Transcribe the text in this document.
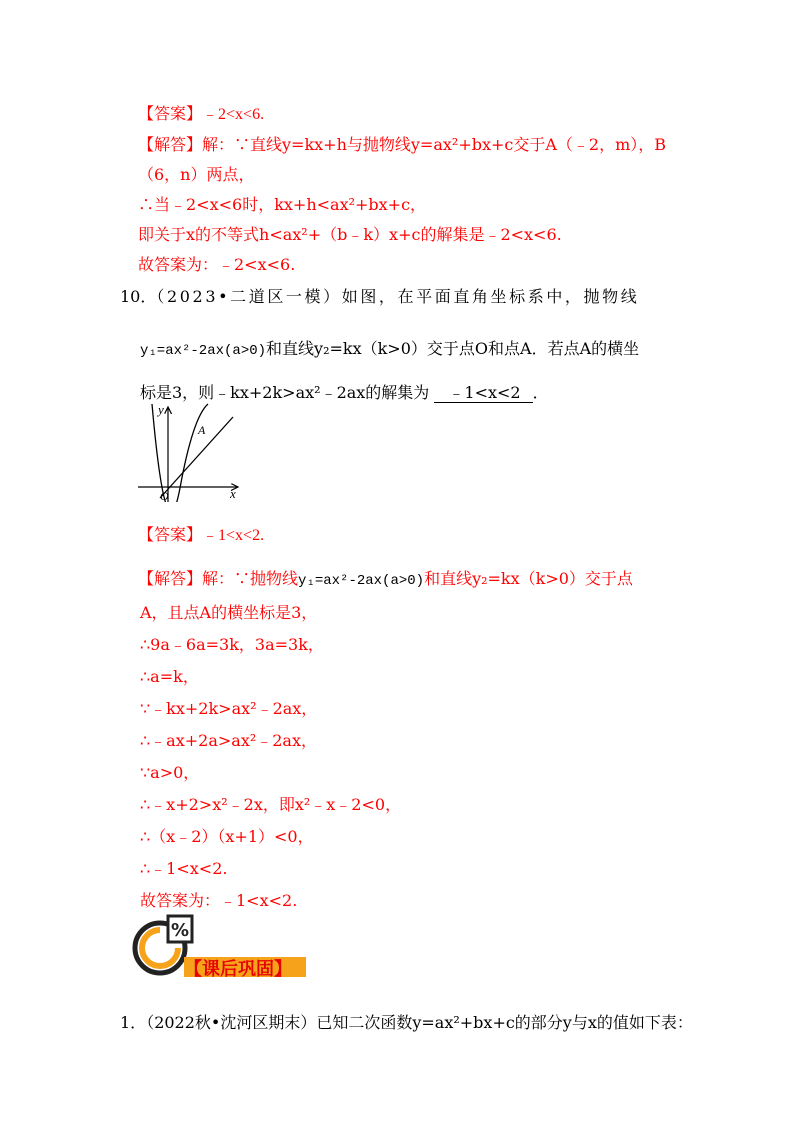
【答案】﹣2<x<6.
【解答】解：∵直线y=kx+h与抛物线y=ax²+bx+c交于A（﹣2，m），B
（6，n）两点，
∴当﹣2<x<6时，kx+h<ax²+bx+c，
即关于x的不等式h<ax²+（b﹣k）x+c的解集是﹣2<x<6.
故答案为：﹣2<x<6.
10．（2023•二道区一模）如图，在平面直角坐标系中，抛物线
y₁=ax²-2ax(a>0)和直线y₂=kx（k>0）交于点O和点A．若点A的横坐
标是3，则﹣kx+2k>ax²﹣2ax的解集为 ﹣1<x<2 ．
y
x
O
A
【答案】﹣1<x<2.
【解答】解：∵抛物线y₁=ax²-2ax(a>0)和直线y₂=kx（k>0）交于点
A，且点A的横坐标是3，
∴9a﹣6a=3k，3a=3k，
∴a=k，
∵﹣kx+2k>ax²﹣2ax，
∴﹣ax+2a>ax²﹣2ax，
∵a>0，
∴﹣x+2>x²﹣2x，即x²﹣x﹣2<0，
∴（x﹣2）（x+1）<0，
∴﹣1<x<2.
故答案为：﹣1<x<2.
%
【课后巩固】
1．（2022秋•沈河区期末）已知二次函数y=ax²+bx+c的部分y与x的值如下表：
